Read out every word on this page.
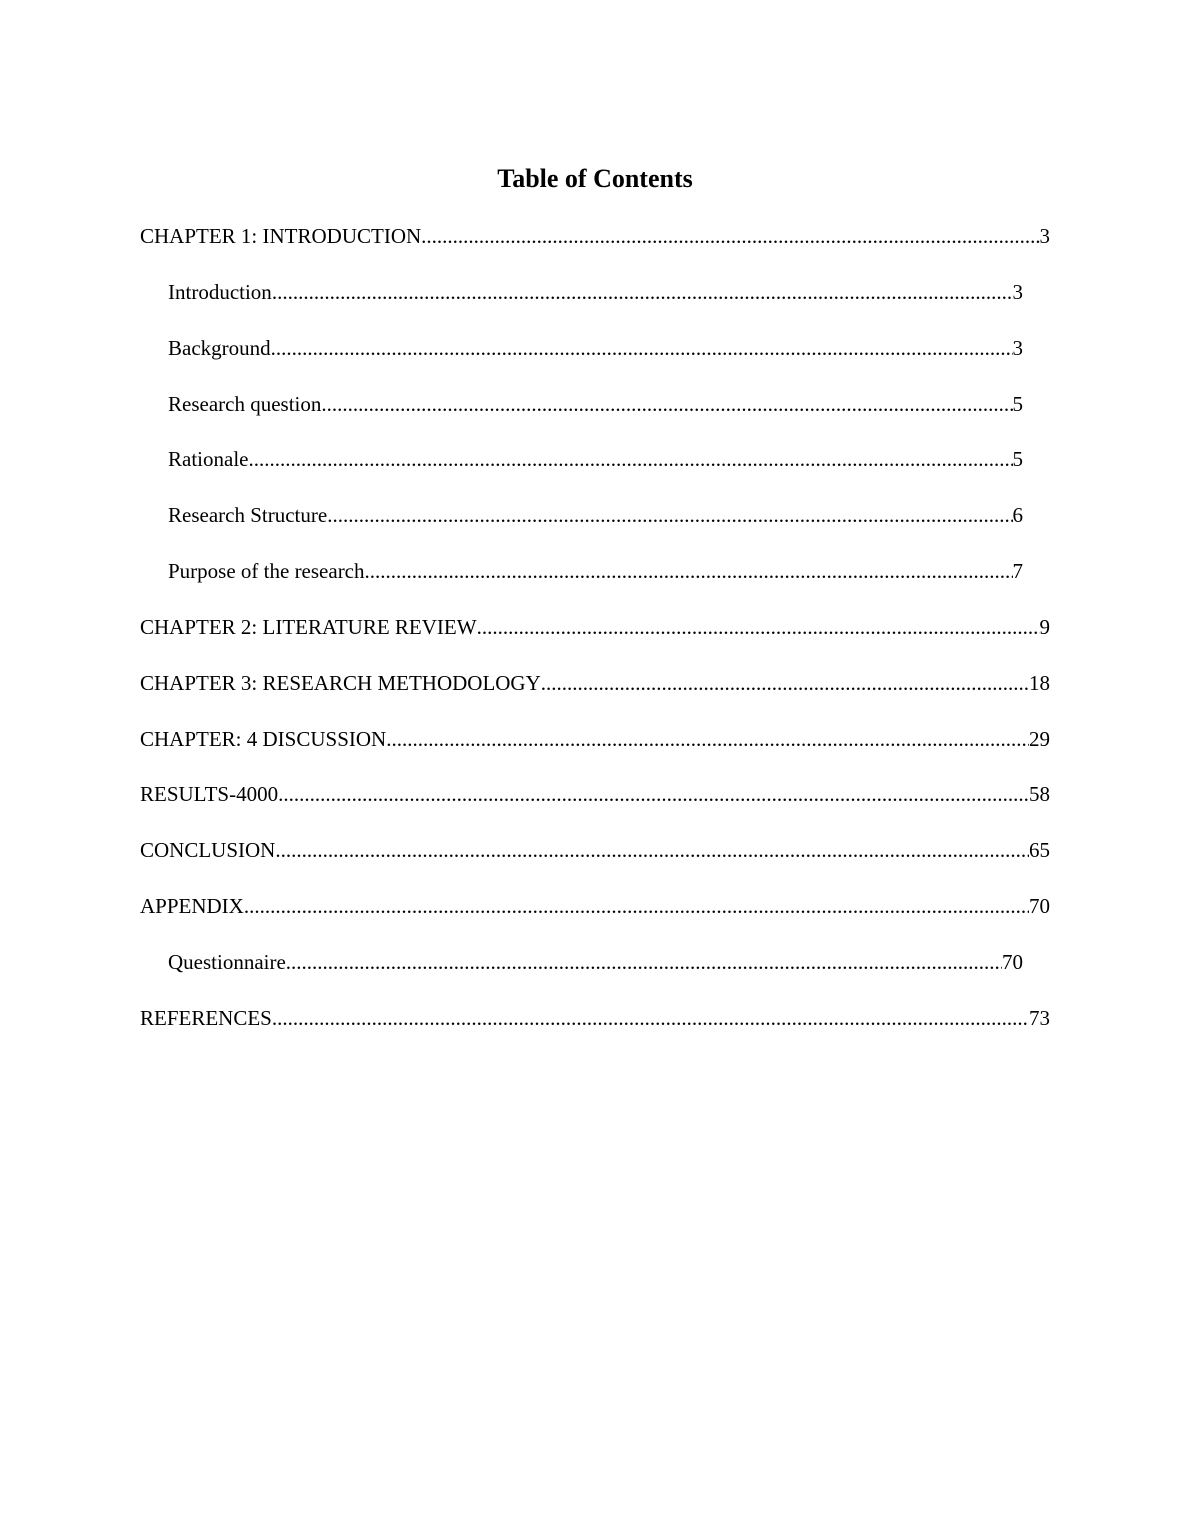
Table of Contents
CHAPTER 1: INTRODUCTION .....	3
Introduction .....	3
Background .....	3
Research question .....	5
Rationale .....	5
Research Structure .....	6
Purpose of the research .....	7
CHAPTER 2: LITERATURE REVIEW .....	9
CHAPTER 3: RESEARCH METHODOLOGY .....	18
CHAPTER: 4 DISCUSSION .....	29
RESULTS-4000 .....	58
CONCLUSION .....	65
APPENDIX .....	70
Questionnaire .....	70
REFERENCES .....	73
